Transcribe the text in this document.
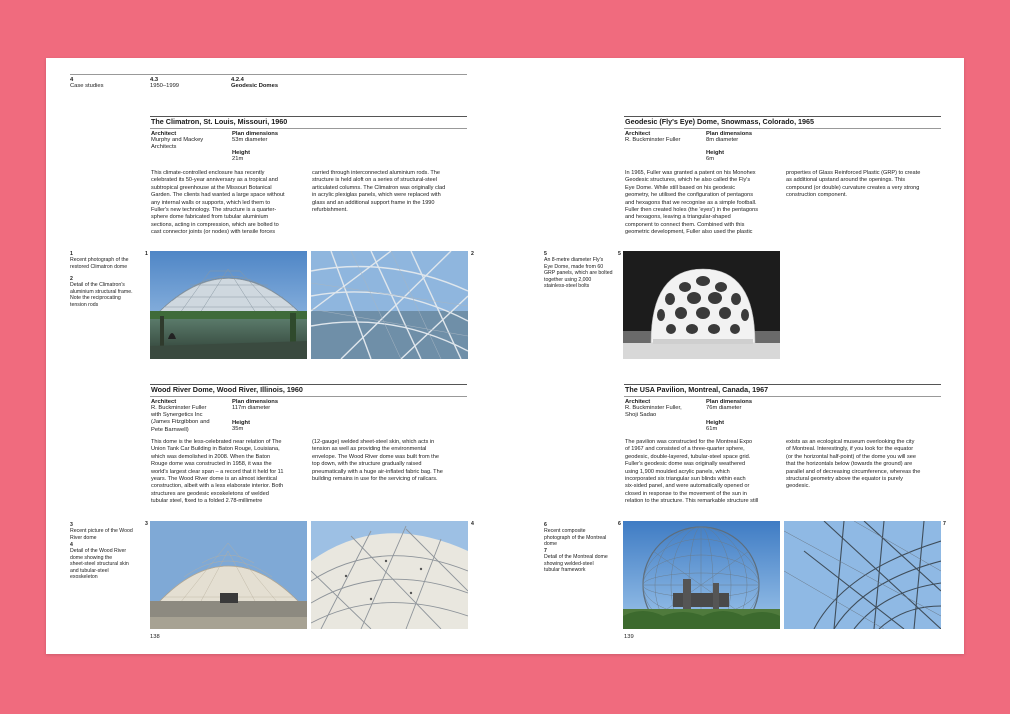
4
Case studies
4.3
1950–1999
4.2.4
Geodesic Domes
The Climatron, St. Louis, Missouri, 1960
Architect
Murphy and Mackey
Architects
Plan dimensions
53m diameter
Height
21m
This climate-controlled enclosure has recently
celebrated its 50-year anniversary as a tropical and
subtropical greenhouse at the Missouri Botanical
Garden. The clients had wanted a large space without
any internal walls or supports, which led them to
Fuller's new technology. The structure is a quarter-
sphere dome fabricated from tubular aluminium
sections, acting in compression, which are bolted to
cast connector joints (or nodes) with tensile forces
carried through interconnected aluminium rods. The
structure is held aloft on a series of structural-steel
articulated columns. The Climatron was originally clad
in acrylic plexiglas panels, which were replaced with
glass and an additional support frame in the 1990
refurbishment.
1
Recent photograph of the
restored Climatron dome
2
Detail of the Climatron's
aluminium structural frame.
Note the reciprocating
tension rods
1	2
Wood River Dome, Wood River, Illinois, 1960
Architect
R. Buckminster Fuller
with Synergetics Inc
(James Fitzgibbon and
Pete Barnwell)
Plan dimensions
117m diameter
Height
35m
This dome is the less-celebrated near relation of The
Union Tank Car Building in Baton Rouge, Louisiana,
which was demolished in 2008. When the Baton
Rouge dome was constructed in 1958, it was the
world's largest clear span – a record that it held for 11
years. The Wood River dome is an almost identical
construction, albeit with a less elaborate interior. Both
structures are geodesic exoskeletons of welded
tubular steel, fixed to a folded 2.78-millimetre
(12-gauge) welded sheet-steel skin, which acts in
tension as well as providing the environmental
envelope. The Wood River dome was built from the
top down, with the structure gradually raised
pneumatically with a huge air-inflated fabric bag. The
building remains in use for the servicing of railcars.
3
Recent picture of the Wood
River dome
4
Detail of the Wood River
dome showing the
sheet-steel structural skin
and tubular-steel
exoskeleton
3	4
138
Geodesic (Fly's Eye) Dome, Snowmass, Colorado, 1965
Architect
R. Buckminster Fuller
Plan dimensions
8m diameter
Height
6m
In 1965, Fuller was granted a patent on his Monohex
Geodesic structures, which he also called the Fly's
Eye Dome. While still based on his geodesic
geometry, he utilised the configuration of pentagons
and hexagons that we recognise as a simple football.
Fuller then created holes (the 'eyes') in the pentagons
and hexagons, leaving a triangular-shaped
component to connect them. Combined with this
geometric development, Fuller also used the plastic
properties of Glass Reinforced Plastic (GRP) to create
as additional upstand around the openings. This
compound (or double) curvature creates a very strong
construction component.
5
An 8-metre diameter Fly's
Eye Dome, made from 60
GRP panels, which are bolted
together using 2,000
stainless-steel bolts
5
The USA Pavilion, Montreal, Canada, 1967
Architect
R. Buckminster Fuller,
Shoji Sadao
Plan dimensions
76m diameter
Height
61m
The pavilion was constructed for the Montreal Expo
of 1967 and consisted of a three-quarter sphere,
geodesic, double-layered, tubular-steel space grid.
Fuller's geodesic dome was originally weathered
using 1,900 moulded acrylic panels, which
incorporated six triangular sun blinds within each
six-sided panel, and were automatically opened or
closed in response to the movement of the sun in
relation to the structure. This remarkable structure still
exists as an ecological museum overlooking the city
of Montreal. Interestingly, if you look for the equator
(or the horizontal half-point) of the dome you will see
that the horizontals below (towards the ground) are
parallel and of decreasing circumference, whereas the
structural geometry above the equator is purely
geodesic.
6
Recent composite
photograph of the Montreal
dome
7
Detail of the Montreal dome
showing welded-steel
tubular framework
6	7
139
